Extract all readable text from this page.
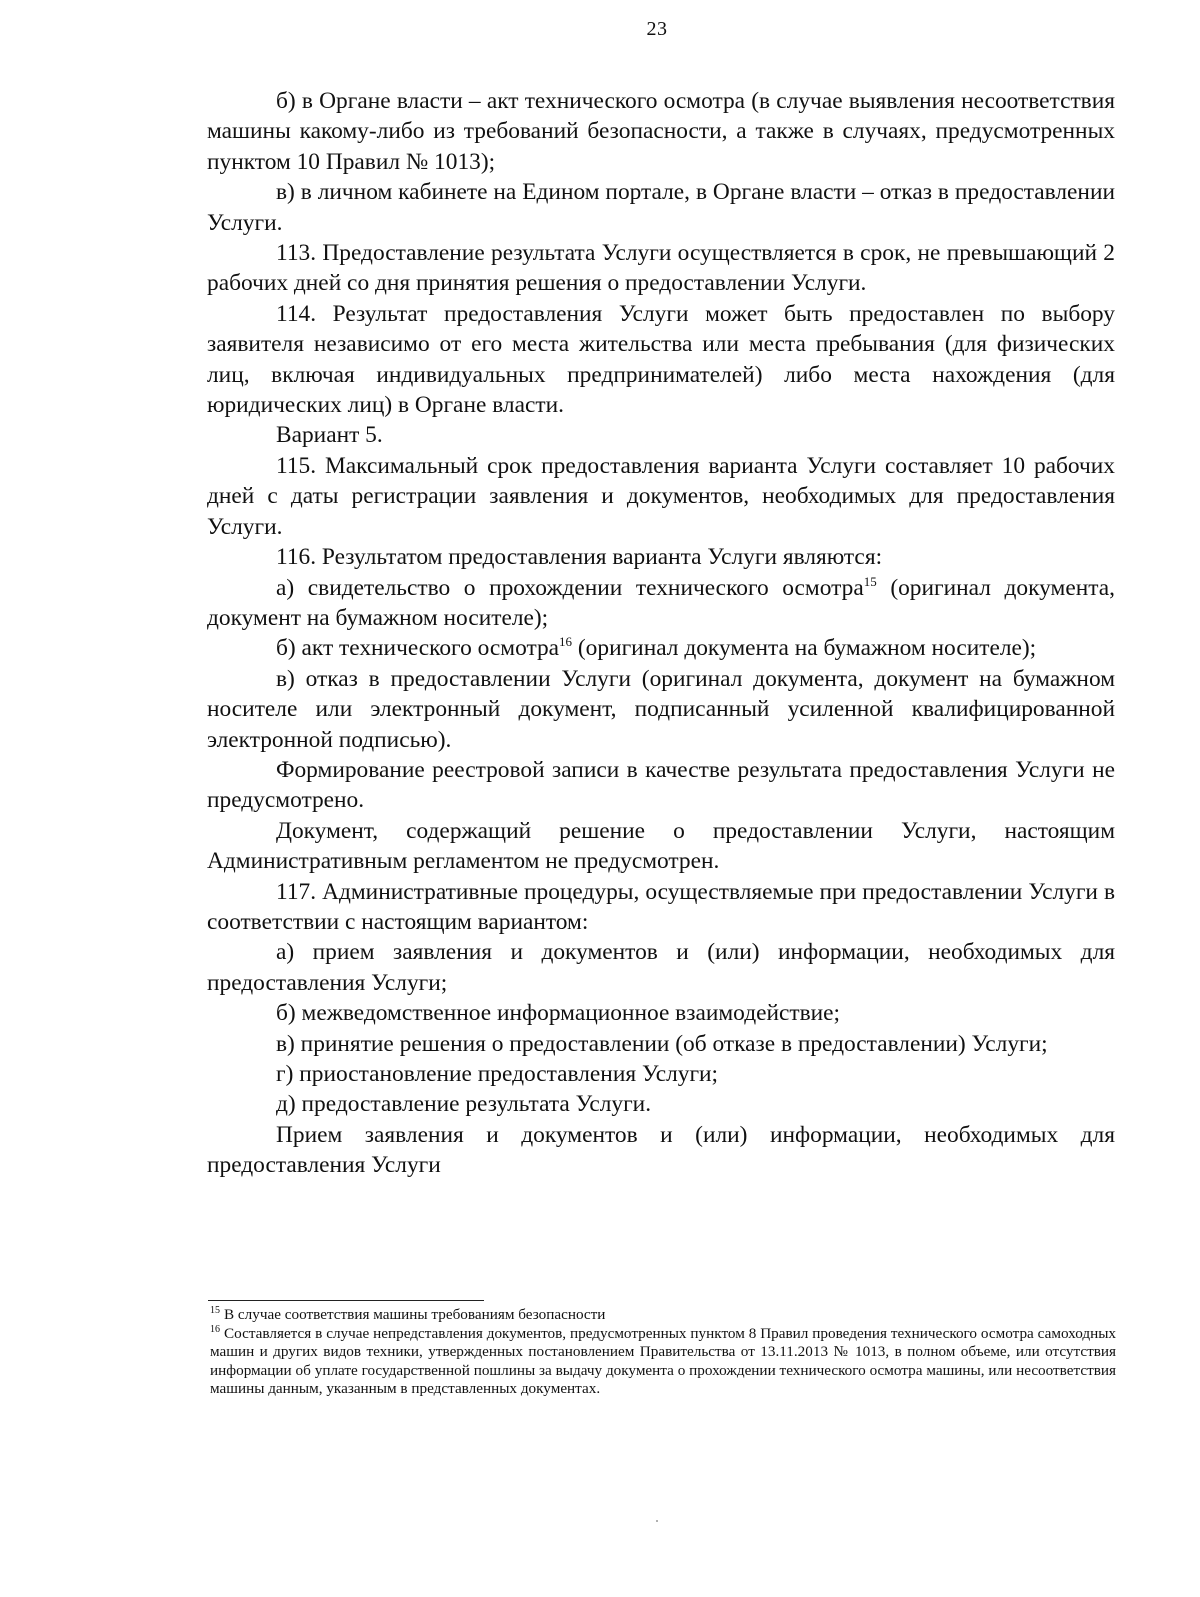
23

б) в Органе власти – акт технического осмотра (в случае выявления несоответствия машины какому-либо из требований безопасности, а также в случаях, предусмотренных пунктом 10 Правил № 1013);

в) в личном кабинете на Едином портале, в Органе власти – отказ в предоставлении Услуги.

113. Предоставление результата Услуги осуществляется в срок, не превышающий 2 рабочих дней со дня принятия решения о предоставлении Услуги.

114. Результат предоставления Услуги может быть предоставлен по выбору заявителя независимо от его места жительства или места пребывания (для физических лиц, включая индивидуальных предпринимателей) либо места нахождения (для юридических лиц) в Органе власти.

Вариант 5.

115. Максимальный срок предоставления варианта Услуги составляет 10 рабочих дней с даты регистрации заявления и документов, необходимых для предоставления Услуги.

116. Результатом предоставления варианта Услуги являются:

а) свидетельство о прохождении технического осмотра$^{15}$ (оригинал документа, документ на бумажном носителе);

б) акт технического осмотра$^{16}$ (оригинал документа на бумажном носителе);

в) отказ в предоставлении Услуги (оригинал документа, документ на бумажном носителе или электронный документ, подписанный усиленной квалифицированной электронной подписью).

Формирование реестровой записи в качестве результата предоставления Услуги не предусмотрено.

Документ, содержащий решение о предоставлении Услуги, настоящим Административным регламентом не предусмотрен.

117. Административные процедуры, осуществляемые при предоставлении Услуги в соответствии с настоящим вариантом:

а) прием заявления и документов и (или) информации, необходимых для предоставления Услуги;

б) межведомственное информационное взаимодействие;

в) принятие решения о предоставлении (об отказе в предоставлении) Услуги;

г) приостановление предоставления Услуги;

д) предоставление результата Услуги.

Прием заявления и документов и (или) информации, необходимых для предоставления Услуги

$^{15}$ В случае соответствия машины требованиям безопасности

$^{16}$ Составляется в случае непредставления документов, предусмотренных пунктом 8 Правил проведения технического осмотра самоходных машин и других видов техники, утвержденных постановлением Правительства от 13.11.2013 № 1013, в полном объеме, или отсутствия информации об уплате государственной пошлины за выдачу документа о прохождении технического осмотра машины, или несоответствия машины данным, указанным в представленных документах.
